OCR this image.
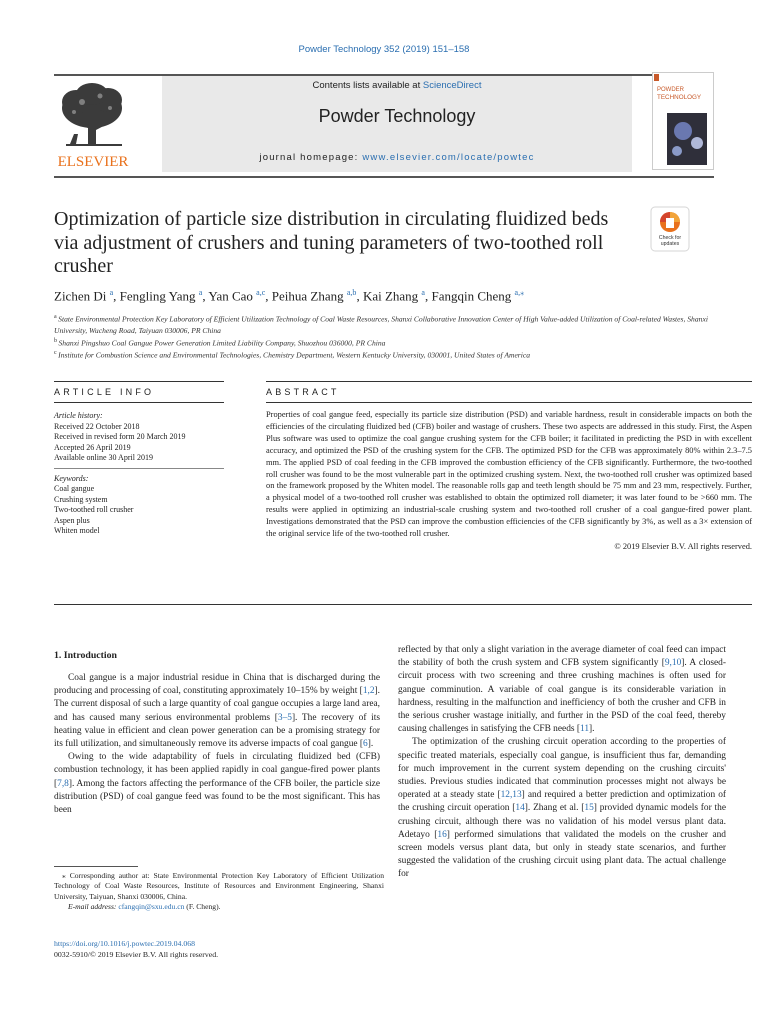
Powder Technology 352 (2019) 151–158
ELSEVIER
Contents lists available at ScienceDirect
Powder Technology
journal homepage: www.elsevier.com/locate/powtec
POWDER
TECHNOLOGY
Optimization of particle size distribution in circulating fluidized beds via adjustment of crushers and tuning parameters of two-toothed roll crusher
Check for
updates
Zichen Di $^a$, Fengling Yang $^a$, Yan Cao $^{a,c}$, Peihua Zhang $^{a,b}$, Kai Zhang $^a$, Fangqin Cheng $^{a,⁎}$
$^a$ State Environmental Protection Key Laboratory of Efficient Utilization Technology of Coal Waste Resources, Shanxi Collaborative Innovation Center of High Value-added Utilization of Coal-related Wastes, Shanxi University, Wucheng Road, Taiyuan 030006, PR China
$^b$ Shanxi Pingshuo Coal Gangue Power Generation Limited Liability Company, Shuozhou 036000, PR China
$^c$ Institute for Combustion Science and Environmental Technologies, Chemistry Department, Western Kentucky University, 030001, United States of America
ARTICLE INFO	ABSTRACT
Article history:
Received 22 October 2018
Received in revised form 20 March 2019
Accepted 26 April 2019
Available online 30 April 2019
Keywords:
Coal gangue
Crushing system
Two-toothed roll crusher
Aspen plus
Whiten model

Properties of coal gangue feed, especially its particle size distribution (PSD) and variable hardness, result in considerable impacts on both the efficiencies of the circulating fluidized bed (CFB) boiler and wastage of crushers. These two aspects are addressed in this study. First, the Aspen Plus software was used to optimize the coal gangue crushing system for the CFB boiler; it facilitated in predicting the PSD in with excellent accuracy, and optimized the PSD of the crushing system for the CFB. The optimized PSD for the CFB was approximately 80% within 2.3–7.5 mm. The applied PSD of coal feeding in the CFB improved the combustion efficiency of the CFB significantly. Furthermore, the two-toothed roll crusher was found to be the most vulnerable part in the optimized crushing system. Next, the two-toothed roll crusher was optimized based on the framework proposed by the Whiten model. The reasonable rolls gap and teeth length should be 75 mm and 23 mm, respectively. Further, a physical model of a two-toothed roll crusher was established to obtain the optimized roll diameter; it was later found to be >660 mm. The results were applied in optimizing an industrial-scale crushing system and two-toothed roll crusher of a coal gangue-fired power plant. Investigations demonstrated that the PSD can improve the combustion efficiencies of the CFB significantly by 3%, as well as a 3× extension of the original service life of the two-toothed roll crusher.

© 2019 Elsevier B.V. All rights reserved.

1. Introduction

Coal gangue is a major industrial residue in China that is discharged during the producing and processing of coal, constituting approximately 10–15% by weight [1,2]. The current disposal of such a large quantity of coal gangue occupies a large land area, and has caused many serious environmental problems [3–5]. The recovery of its heating value in efficient and clean power generation can be a promising strategy for its full utilization, and simultaneously remove its adverse impacts of coal gangue [6].

Owing to the wide adaptability of fuels in circulating fluidized bed (CFB) combustion technology, it has been applied rapidly in coal gangue-fired power plants [7,8]. Among the factors affecting the performance of the CFB boiler, the particle size distribution (PSD) of coal gangue feed was found to be the most significant. This has been

reflected by that only a slight variation in the average diameter of coal feed can impact the stability of both the crush system and CFB system significantly [9,10]. A closed-circuit process with two screening and three crushing machines is often used for gangue comminution. A variable of coal gangue is its considerable variation in hardness, resulting in the malfunction and inefficiency of both the crusher and CFB in the serious crusher wastage initially, and further in the PSD of the coal feed, thereby causing challenges in satisfying the CFB needs [11].

The optimization of the crushing circuit operation according to the properties of specific treated materials, especially coal gangue, is insufficient thus far, demanding for much improvement in the current system depending on the crushing circuits' studies. Previous studies indicated that comminution processes might not always be operated at a steady state [12,13] and required a better prediction and optimization of the crushing circuit operation [14]. Zhang et al. [15] provided dynamic models for the crushing circuit, although there was no validation of his model versus plant data. Adetayo [16] performed simulations that validated the models on the crusher and screen models versus plant data, but only in steady state scenarios, and further suggested the validation of the crushing circuit using plant data. The actual challenge for

⁎ Corresponding author at: State Environmental Protection Key Laboratory of Efficient Utilization Technology of Coal Waste Resources, Institute of Resources and Environment Engineering, Shanxi University, Taiyuan, Shanxi 030006, China.

E-mail address: cfangqin@sxu.edu.cn (F. Cheng).

https://doi.org/10.1016/j.powtec.2019.04.068
0032-5910/© 2019 Elsevier B.V. All rights reserved.
